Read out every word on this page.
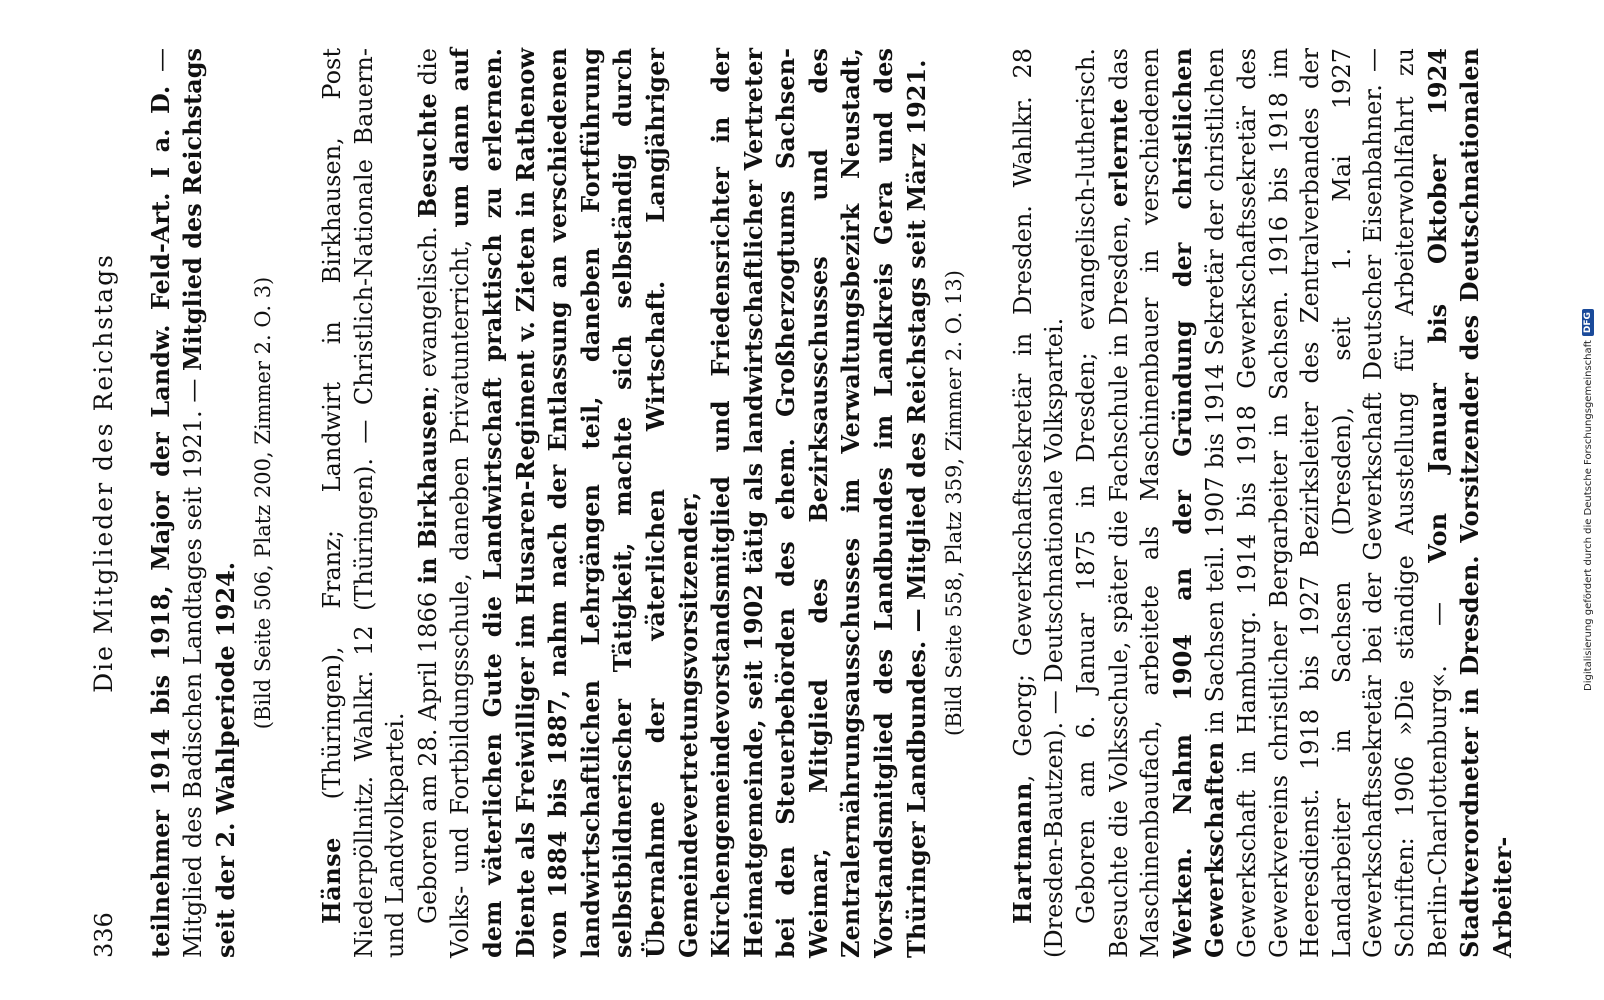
336
Die Mitglieder des Reichstags teilnehmer 1914 bis 1918, Major der Landw. Feld-Art. I a. D. — Mitglied des Badischen Landtages seit 1921. — Mitglied des Reichstags seit der 2. Wahlperiode 1924.

(Bild Seite 506, Platz 200, Zimmer 2. O. 3)

Hänse (Thüringen), Franz; Landwirt in Birkhausen, Post Niederpöllnitz. Wahlkr. 12 (Thüringen). — Christlich-Nationale Bauern- und Landvolkpartei. Geboren am 28. April 1866 in Birkhausen; evangelisch. Besuchte die Volks- und Fortbildungsschule, daneben Privatunterricht, um dann auf dem väterlichen Gute die Landwirtschaft praktisch zu erlernen. Diente als Freiwilliger im Husaren-Regiment v. Zieten in Rathenow von 1884 bis 1887, nahm nach der Entlassung an verschiedenen landwirtschaftlichen Lehrgängen teil, daneben Fortführung selbstbildnerischer Tätigkeit, machte sich selbständig durch Übernahme der väterlichen Wirtschaft. Langjähriger Gemeindevertretungsvorsitzender, Kirchengemeindevorstandsmitglied und Friedensrichter in der Heimatgemeinde, seit 1902 tätig als landwirtschaftlicher Vertreter bei den Steuerbehörden des ehem. Großherzogtums Sachsen-Weimar, Mitglied des Bezirksausschusses und des Zentralernährungsausschusses im Verwaltungsbezirk Neustadt, Vorstandsmitglied des Landbundes im Landkreis Gera und des Thüringer Landbundes. — Mitglied des Reichstags seit März 1921. (Bild Seite 558, Platz 359, Zimmer 2. O. 13)

Hartmann, Georg; Gewerkschaftssekretär in Dresden. Wahlkr. 28 (Dresden-Bautzen). — Deutschnationale Volkspartei. Geboren am 6. Januar 1875 in Dresden; evangelisch-lutherisch. Besuchte die Volksschule, später die Fachschule in Dresden, erlernte das Maschinenbaufach, arbeitete als Maschinenbauer in verschiedenen Werken. Nahm 1904 an der Gründung der christlichen Gewerkschaften in Sachsen teil. 1907 bis 1914 Sekretär der christlichen Gewerkschaft in Hamburg. 1914 bis 1918 Gewerkschaftssekretär des Gewerkvereins christlicher Bergarbeiter in Sachsen. 1916 bis 1918 im Heeresdienst. 1918 bis 1927 Bezirksleiter des Zentralverbandes der Landarbeiter in Sachsen (Dresden), seit 1. Mai 1927 Gewerkschaftssekretär bei der Gewerkschaft Deutscher Eisenbahner. — Schriften: 1906 »Die ständige Ausstellung für Arbeiterwohlfahrt zu Berlin-Charlottenburg«. — Von Januar bis Oktober 1924 Stadtverordneter in Dresden. Vorsitzender des Deutschnationalen Arbeiter-

Digitalisierung gefördert durch die Deutsche Forschungsgemeinschaft
DFG
